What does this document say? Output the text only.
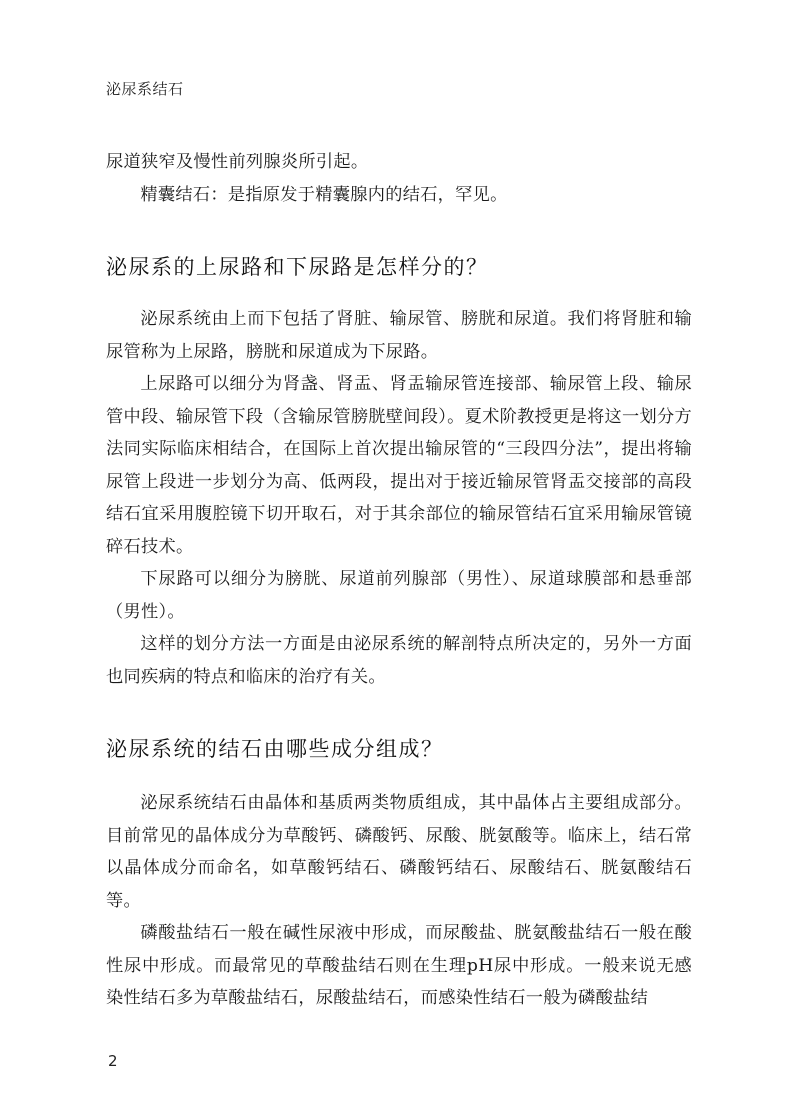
泌尿系结石

尿道狭窄及慢性前列腺炎所引起。

精囊结石：是指原发于精囊腺内的结石，罕见。

泌尿系的上尿路和下尿路是怎样分的？

泌尿系统由上而下包括了肾脏、输尿管、膀胱和尿道。我们将肾脏和输尿管称为上尿路，膀胱和尿道成为下尿路。

上尿路可以细分为肾盏、肾盂、肾盂输尿管连接部、输尿管上段、输尿管中段、输尿管下段（含输尿管膀胱壁间段）。夏术阶教授更是将这一划分方法同实际临床相结合，在国际上首次提出输尿管的“三段四分法”，提出将输尿管上段进一步划分为高、低两段，提出对于接近输尿管肾盂交接部的高段结石宜采用腹腔镜下切开取石，对于其余部位的输尿管结石宜采用输尿管镜碎石技术。

下尿路可以细分为膀胱、尿道前列腺部（男性）、尿道球膜部和悬垂部（男性）。

这样的划分方法一方面是由泌尿系统的解剖特点所决定的，另外一方面也同疾病的特点和临床的治疗有关。

泌尿系统的结石由哪些成分组成？

泌尿系统结石由晶体和基质两类物质组成，其中晶体占主要组成部分。目前常见的晶体成分为草酸钙、磷酸钙、尿酸、胱氨酸等。临床上，结石常以晶体成分而命名，如草酸钙结石、磷酸钙结石、尿酸结石、胱氨酸结石等。

磷酸盐结石一般在碱性尿液中形成，而尿酸盐、胱氨酸盐结石一般在酸性尿中形成。而最常见的草酸盐结石则在生理pH尿中形成。一般来说无感染性结石多为草酸盐结石，尿酸盐结石，而感染性结石一般为磷酸盐结

2
